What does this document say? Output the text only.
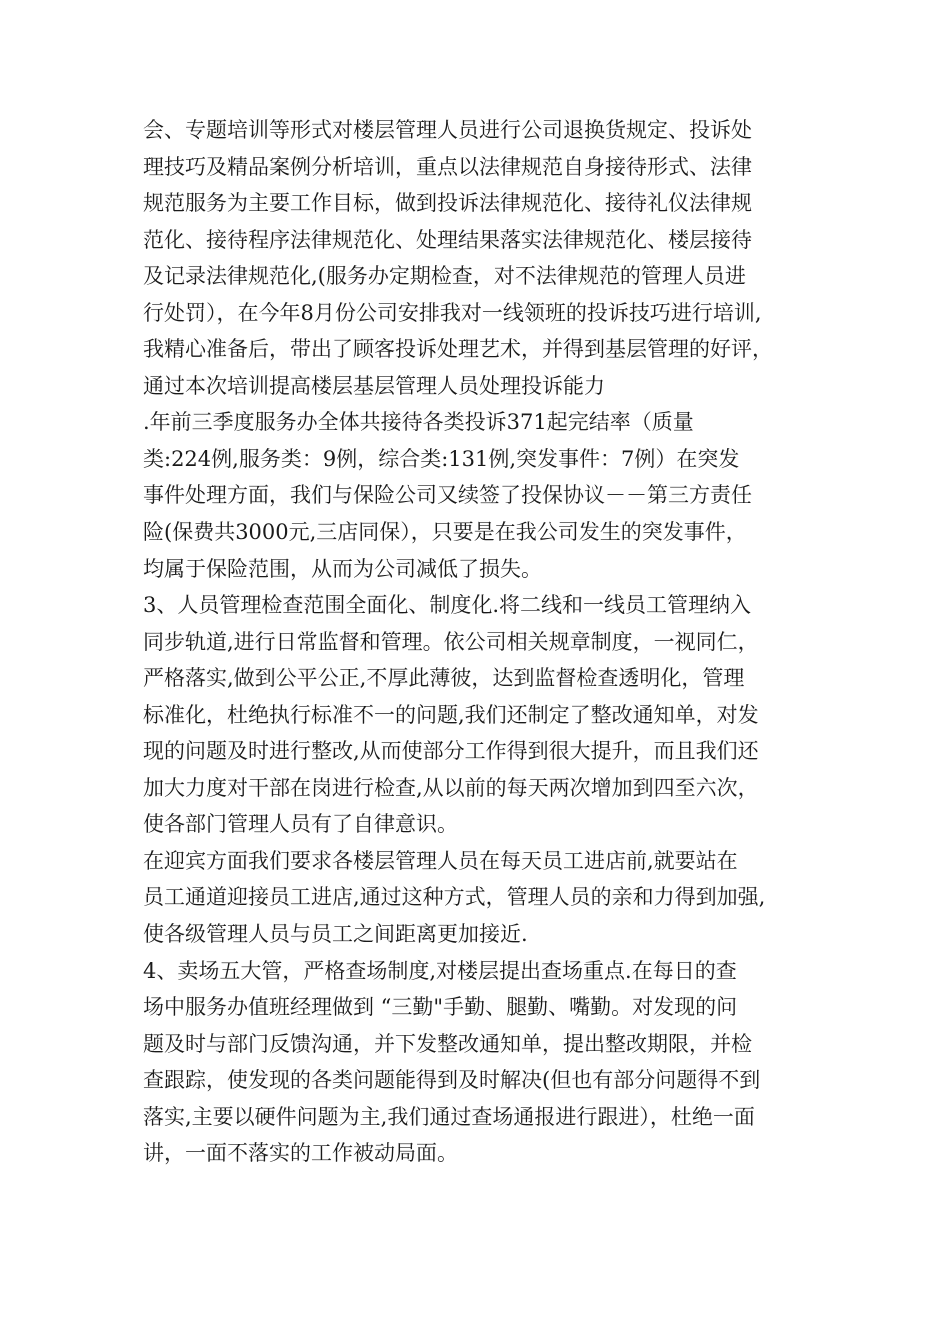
会、专题培训等形式对楼层管理人员进行公司退换货规定、投诉处
理技巧及精品案例分析培训，重点以法律规范自身接待形式、法律
规范服务为主要工作目标，做到投诉法律规范化、接待礼仪法律规
范化、接待程序法律规范化、处理结果落实法律规范化、楼层接待
及记录法律规范化,(服务办定期检查，对不法律规范的管理人员进
行处罚），在今年8月份公司安排我对一线领班的投诉技巧进行培训,
我精心准备后，带出了顾客投诉处理艺术，并得到基层管理的好评，
通过本次培训提高楼层基层管理人员处理投诉能力
.年前三季度服务办全体共接待各类投诉371起完结率（质量
类:224例,服务类：9例，综合类:131例,突发事件：7例）在突发
事件处理方面，我们与保险公司又续签了投保协议－－第三方责任
险(保费共3000元,三店同保），只要是在我公司发生的突发事件，
均属于保险范围，从而为公司减低了损失。
3、人员管理检查范围全面化、制度化.将二线和一线员工管理纳入
同步轨道,进行日常监督和管理。依公司相关规章制度，一视同仁，
严格落实,做到公平公正,不厚此薄彼，达到监督检查透明化，管理
标准化，杜绝执行标准不一的问题,我们还制定了整改通知单，对发
现的问题及时进行整改,从而使部分工作得到很大提升，而且我们还
加大力度对干部在岗进行检查,从以前的每天两次增加到四至六次，
使各部门管理人员有了自律意识。
在迎宾方面我们要求各楼层管理人员在每天员工进店前,就要站在
员工通道迎接员工进店,通过这种方式，管理人员的亲和力得到加强,
使各级管理人员与员工之间距离更加接近.
4、卖场五大管，严格查场制度,对楼层提出查场重点.在每日的查
场中服务办值班经理做到 “三勤"手勤、腿勤、嘴勤。对发现的问
题及时与部门反馈沟通，并下发整改通知单，提出整改期限，并检
查跟踪，使发现的各类问题能得到及时解决(但也有部分问题得不到
落实,主要以硬件问题为主,我们通过查场通报进行跟进），杜绝一面
讲，一面不落实的工作被动局面。
